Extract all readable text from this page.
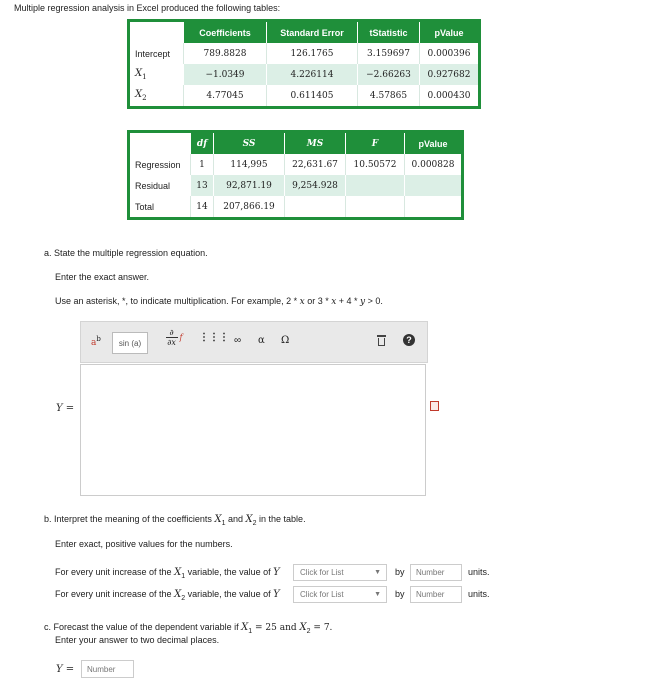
Multiple regression analysis in Excel produced the following tables:
	Coefficients	Standard Error	tStatistic	pValue
Intercept	789.8828	126.1765	3.159697	0.000396
$X_1$	−1.0349	4.226114	−2.66263	0.927682
$X_2$	4.77045	0.611405	4.57865	0.000430
	df	SS	MS	F	pValue
Regression	1	114,995	22,631.67	10.50572	0.000828
Residual	13	92,871.19	9,254.928		
Total	14	207,866.19			
a. State the multiple regression equation.
Enter the exact answer.
Use an asterisk, *, to indicate multiplication. For example, 2 * x or 3 * x + 4 * y > 0.
$a^b$ sin (a)
∂
∂x
f	⋮⋮⋮ ∞ α Ω	?
Y =
b. Interpret the meaning of the coefficients $X_1$ and $X_2$ in the table.
Enter exact, positive values for the numbers.
For every unit increase of the $X_1$ variable, the value of Y	Click for List	▼ by Number	units.
For every unit increase of the $X_2$ variable, the value of Y	Click for List	▼ by Number	units.
c. Forecast the value of the dependent variable if $X_1 = 25$ and $X_2 = 7$.
Enter your answer to two decimal places.
Y = Number
